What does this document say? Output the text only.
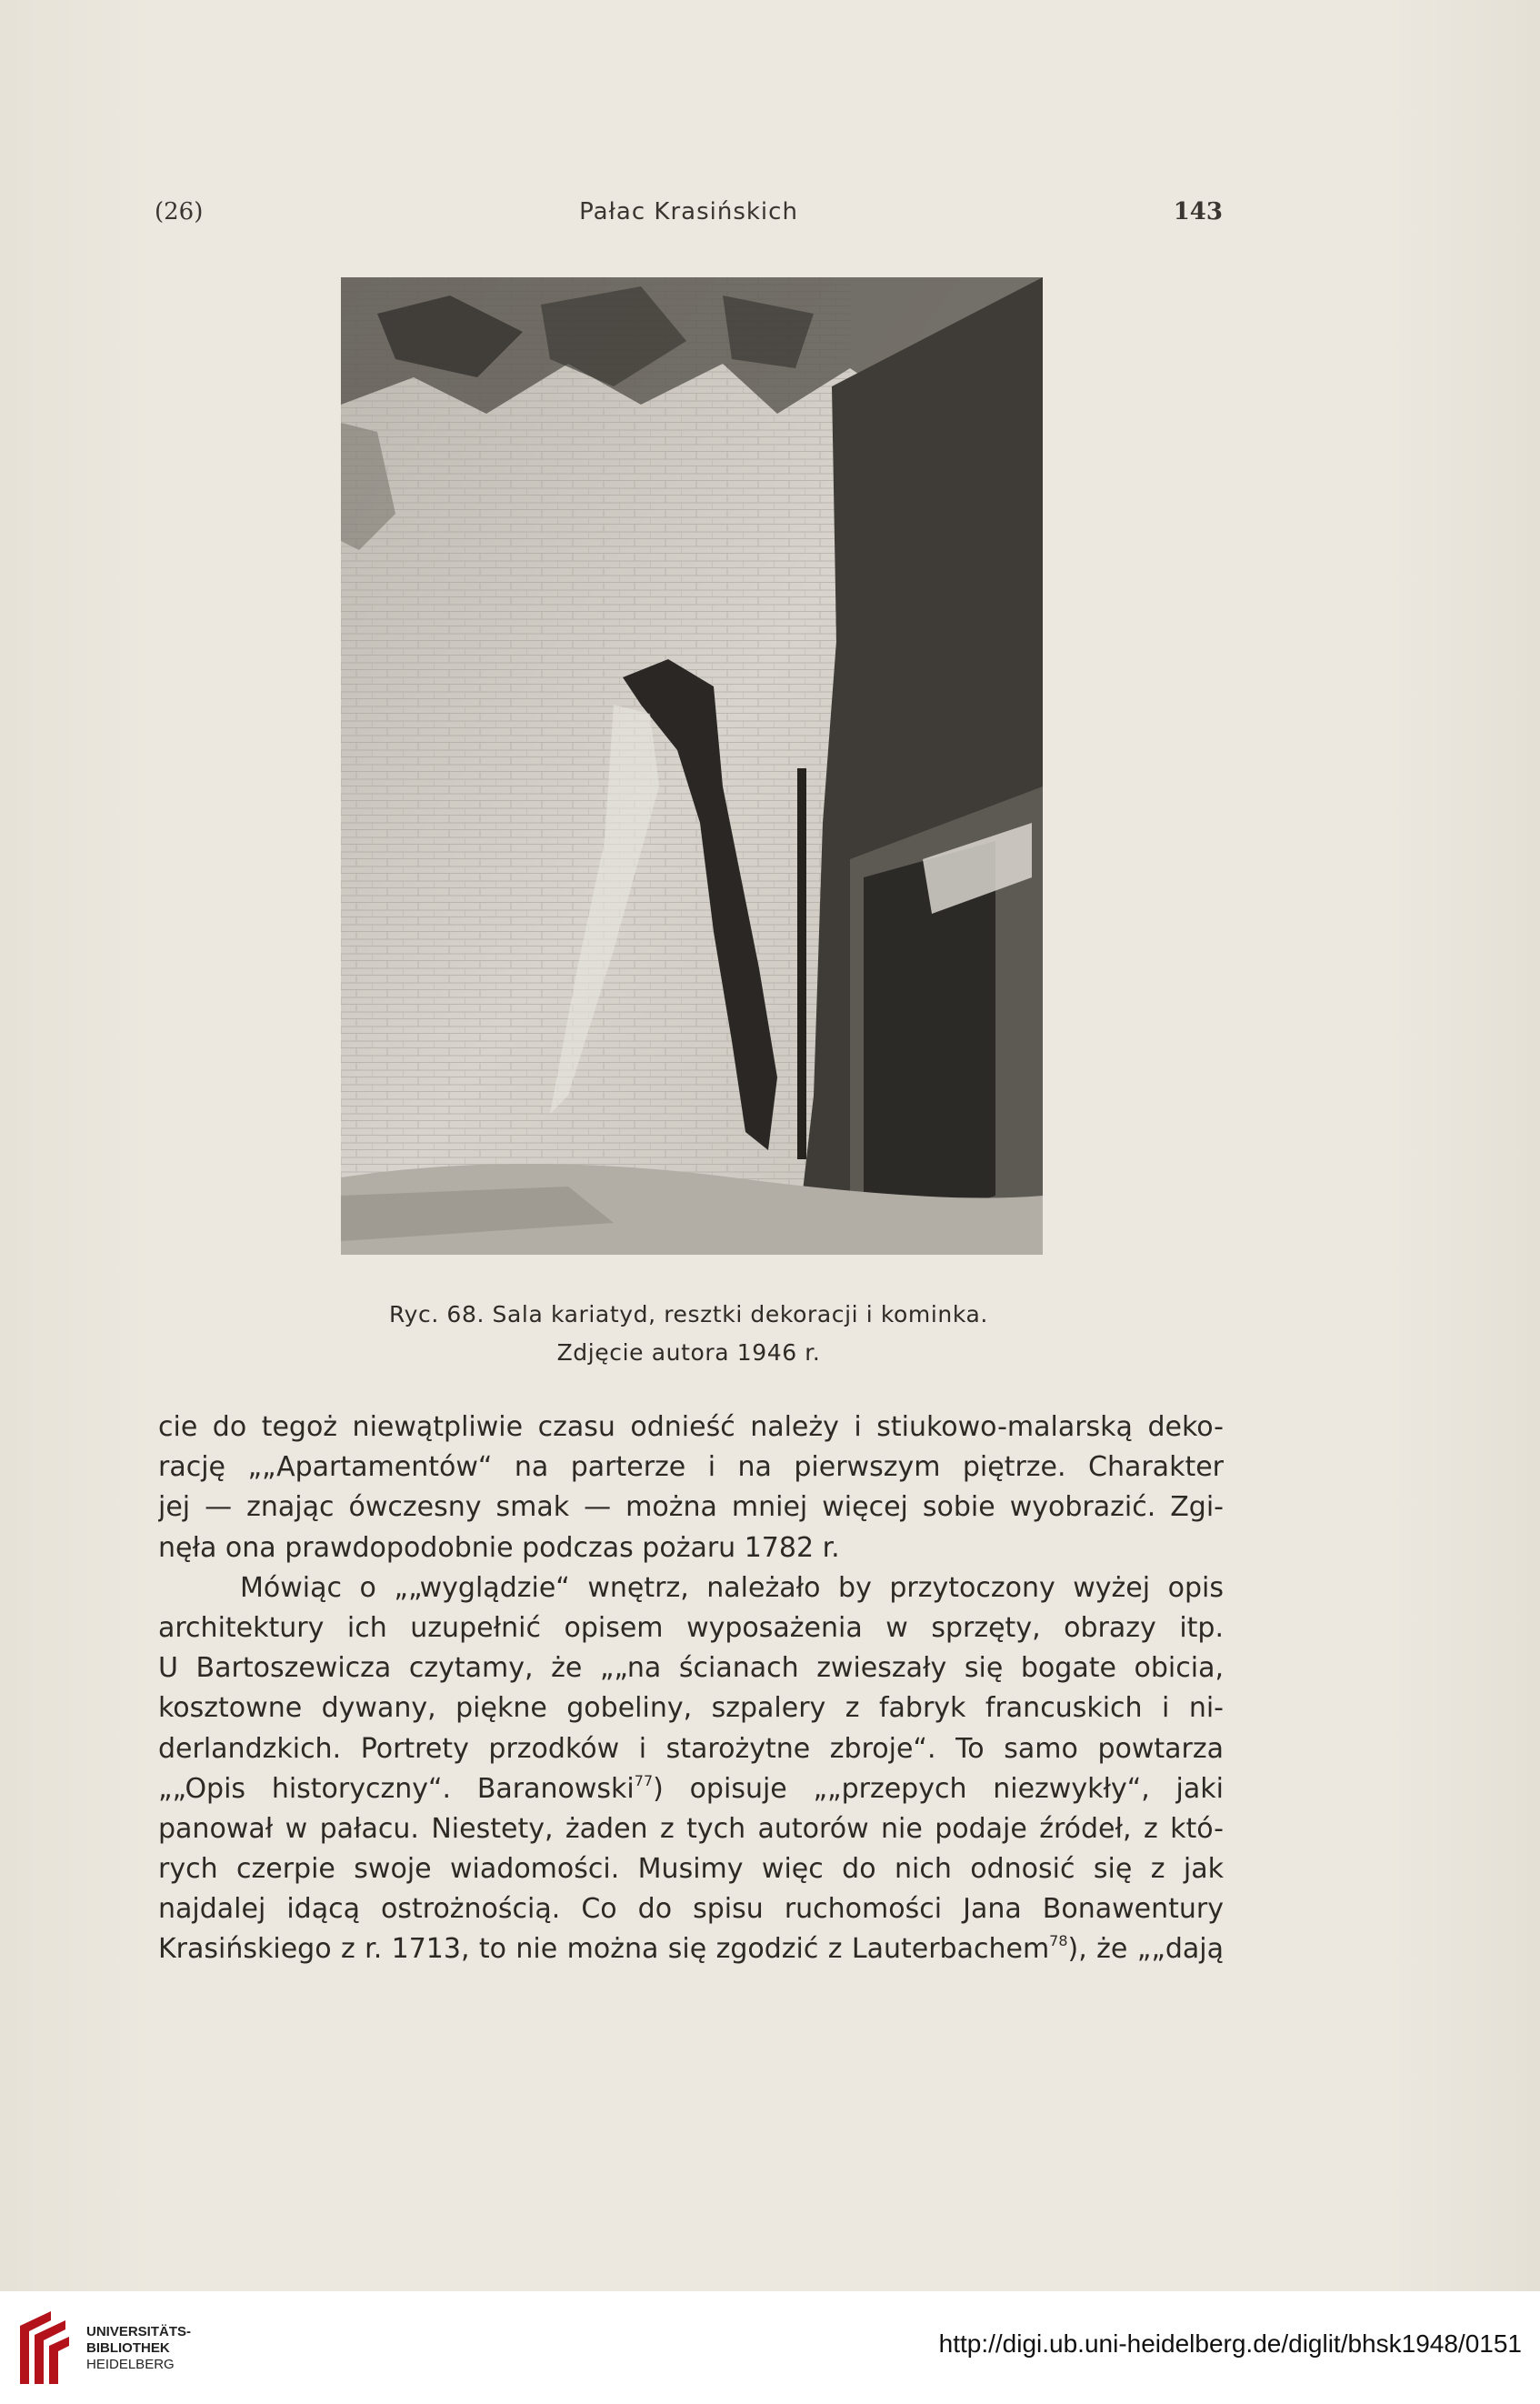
(26)	Pałac Krasińskich	143
Ryc. 68. Sala kariatyd, resztki dekoracji i kominka.
Zdjęcie autora 1946 r.
cie do tegoż niewątpliwie czasu odnieść należy i stiukowo-malarską deko-
rację „„Apartamentów“ na parterze i na pierwszym piętrze. Charakter
jej — znając ówczesny smak — można mniej więcej sobie wyobrazić. Zgi-
nęła ona prawdopodobnie podczas pożaru 1782 r.
Mówiąc o „„wyglądzie“ wnętrz, należało by przytoczony wyżej opis
architektury ich uzupełnić opisem wyposażenia w sprzęty, obrazy itp.
U Bartoszewicza czytamy, że „„na ścianach zwieszały się bogate obicia,
kosztowne dywany, piękne gobeliny, szpalery z fabryk francuskich i ni-
derlandzkich. Portrety przodków i starożytne zbroje“. To samo powtarza
„„Opis historyczny“. Baranowski$^{77}$) opisuje „„przepych niezwykły“, jaki
panował w pałacu. Niestety, żaden z tych autorów nie podaje źródeł, z któ-
rych czerpie swoje wiadomości. Musimy więc do nich odnosić się z jak
najdalej idącą ostrożnością. Co do spisu ruchomości Jana Bonawentury
Krasińskiego z r. 1713, to nie można się zgodzić z Lauterbachem$^{78}$), że „„dają
UNIVERSITÄTS-
BIBLIOTHEK
HEIDELBERG
http://digi.ub.uni-heidelberg.de/diglit/bhsk1948/0151
